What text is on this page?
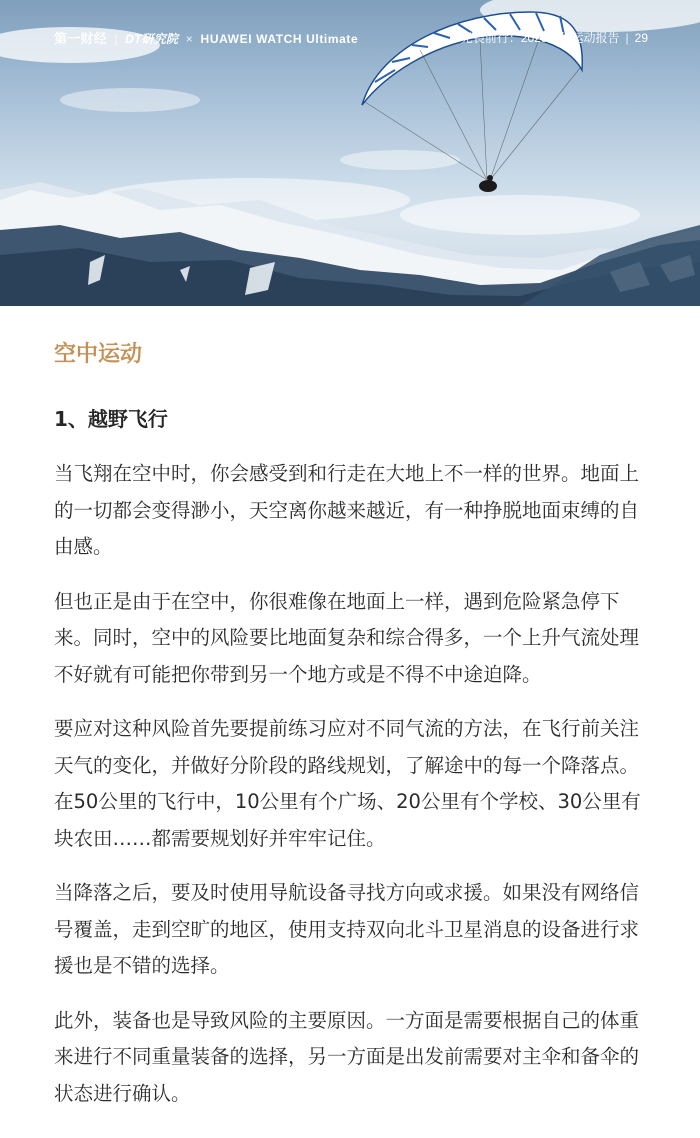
第一财经 | DT研究院 × HUAWEI WATCH Ultimate	无畏前行：2023户外运动报告 | 29
空中运动
1、越野飞行

当飞翔在空中时，你会感受到和行走在大地上不一样的世界。地面上的一切都会变得渺小，天空离你越来越近，有一种挣脱地面束缚的自由感。

但也正是由于在空中，你很难像在地面上一样，遇到危险紧急停下来。同时，空中的风险要比地面复杂和综合得多，一个上升气流处理不好就有可能把你带到另一个地方或是不得不中途迫降。

要应对这种风险首先要提前练习应对不同气流的方法，在飞行前关注天气的变化，并做好分阶段的路线规划，了解途中的每一个降落点。在50公里的飞行中，10公里有个广场、20公里有个学校、30公里有块农田……都需要规划好并牢牢记住。

当降落之后，要及时使用导航设备寻找方向或求援。如果没有网络信号覆盖，走到空旷的地区，使用支持双向北斗卫星消息的设备进行求援也是不错的选择。

此外，装备也是导致风险的主要原因。一方面是需要根据自己的体重来进行不同重量装备的选择，另一方面是出发前需要对主伞和备伞的状态进行确认。
